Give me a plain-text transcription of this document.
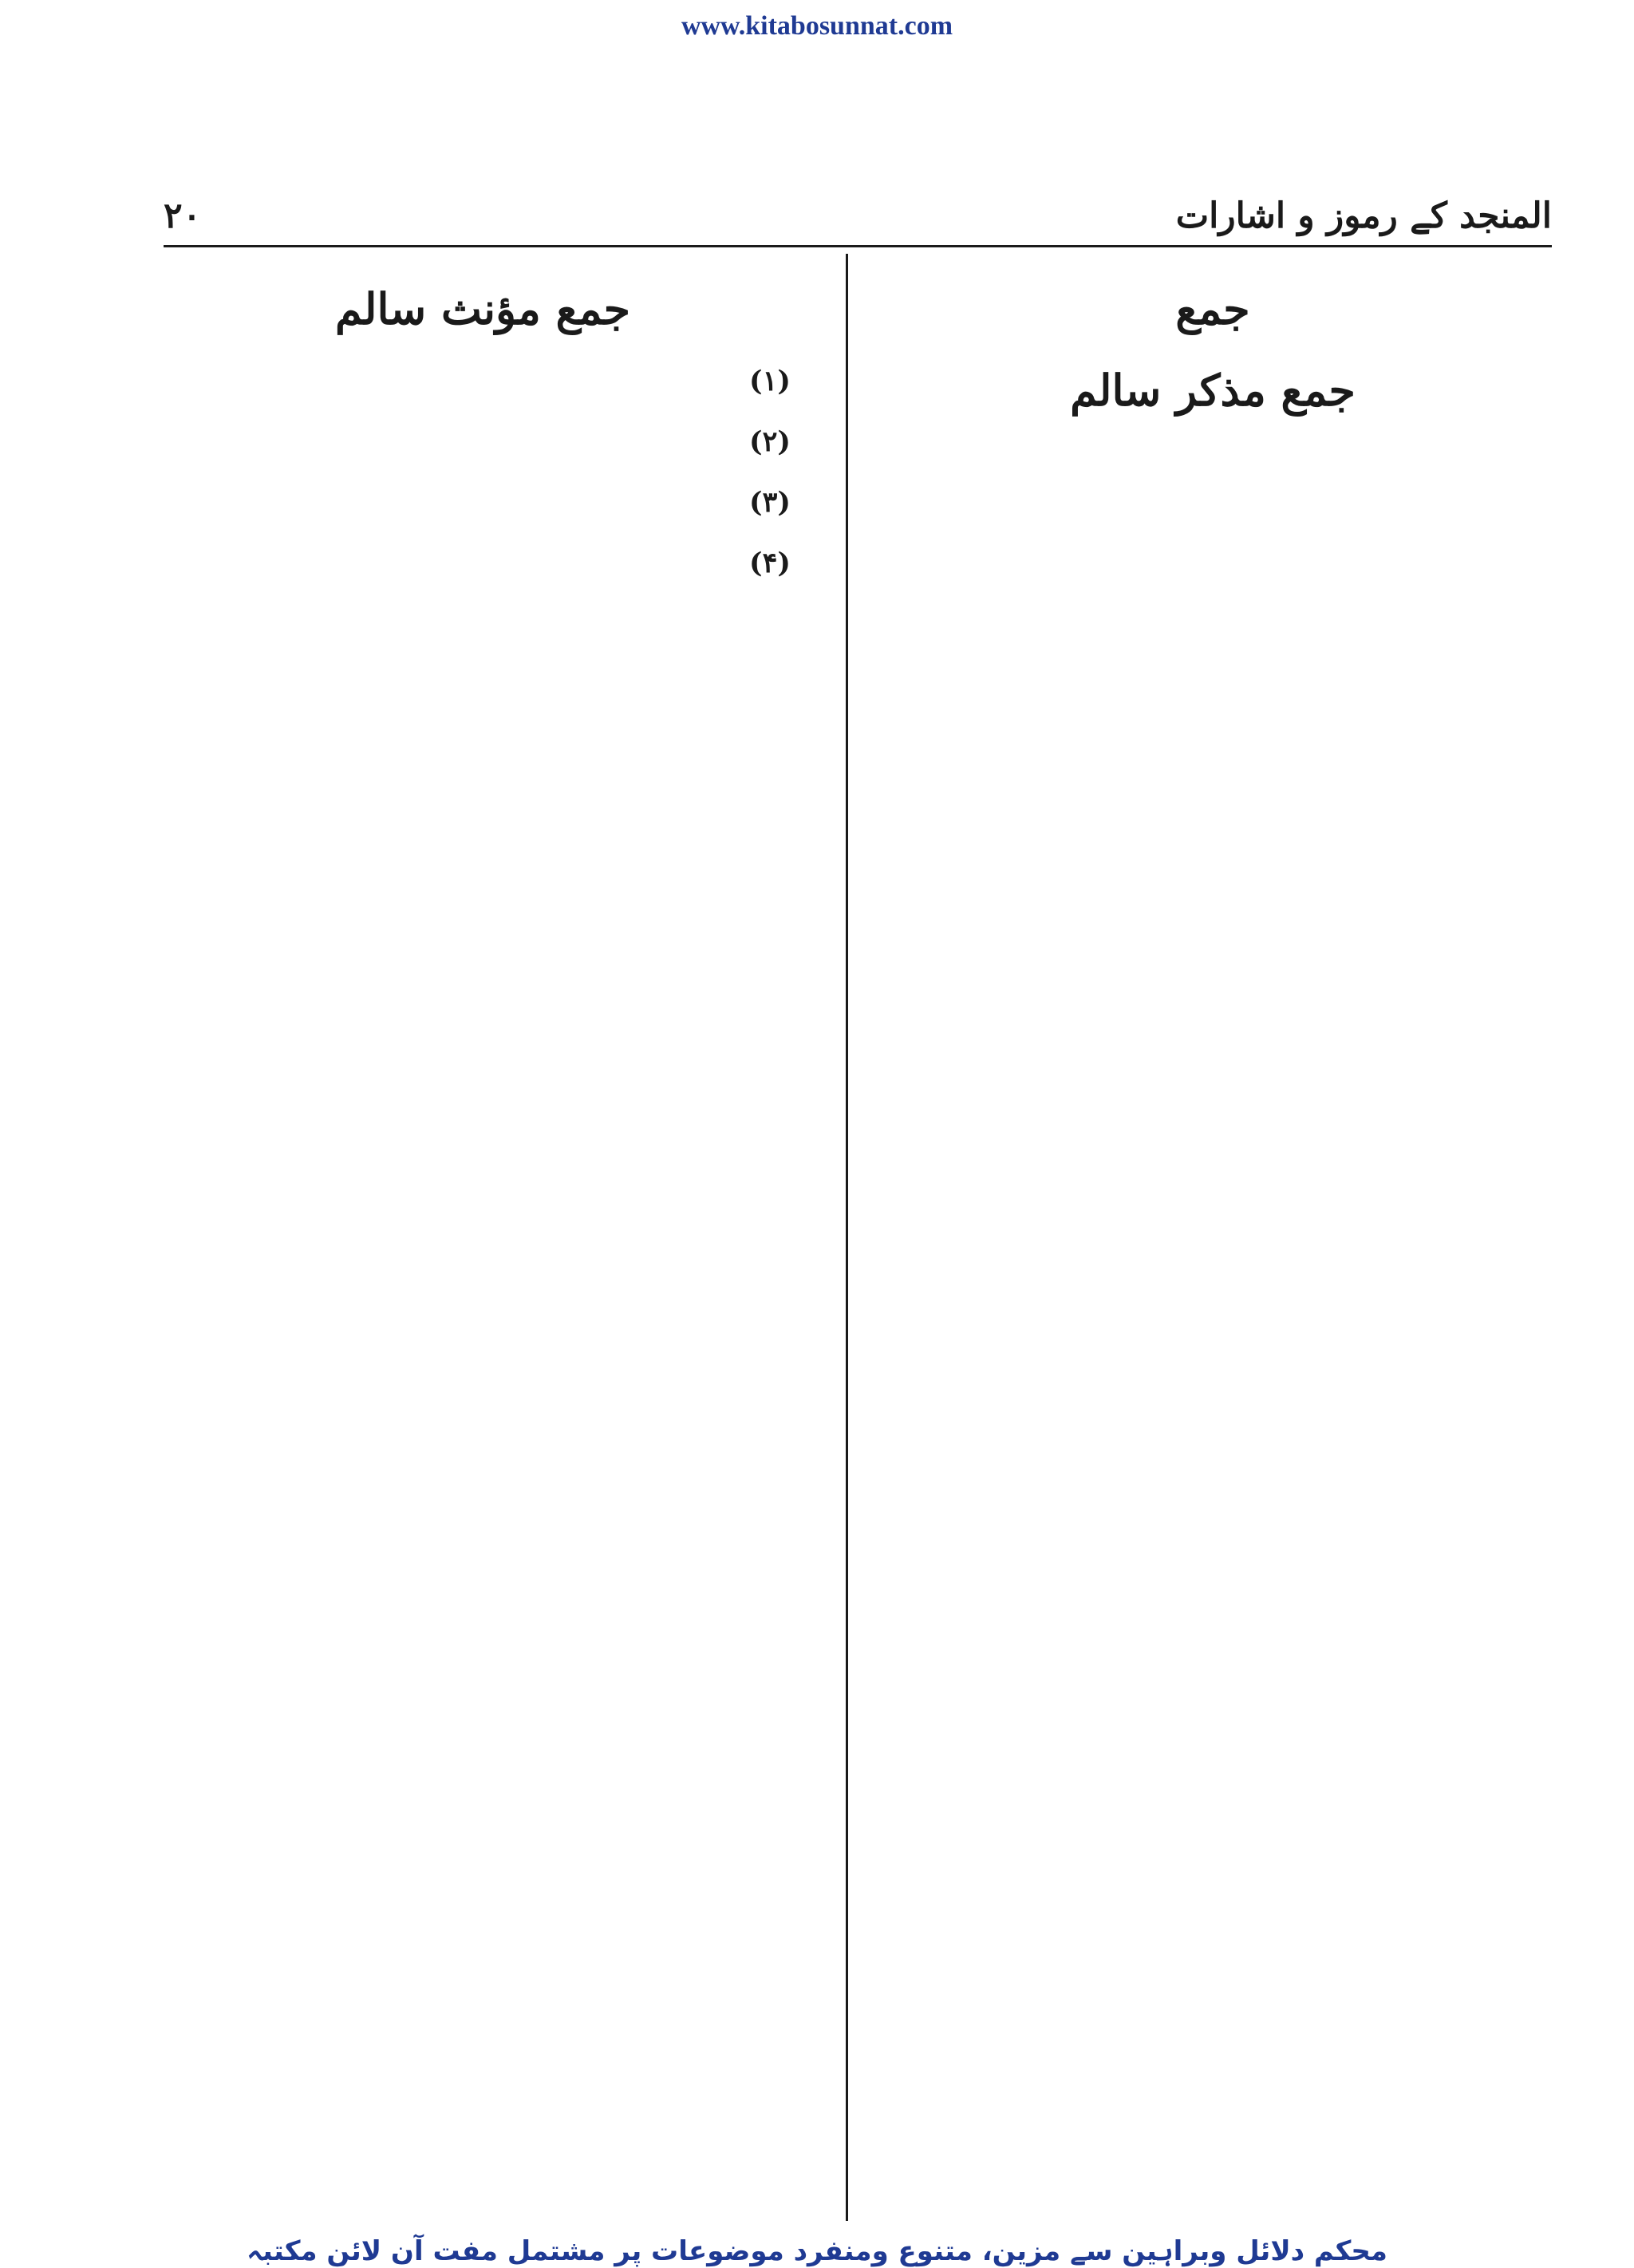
www.kitabosunnat.com
المنجد کے رموز و اشارات
۲۰

جمع

جمع مذکر سالم

جمع مؤنث سالم

(۱)
(۲)
(۳)
(۴)

محکم دلائل وبراہین سے مزین، متنوع ومنفرد موضوعات پر مشتمل مفت آن لائن مکتبہ
